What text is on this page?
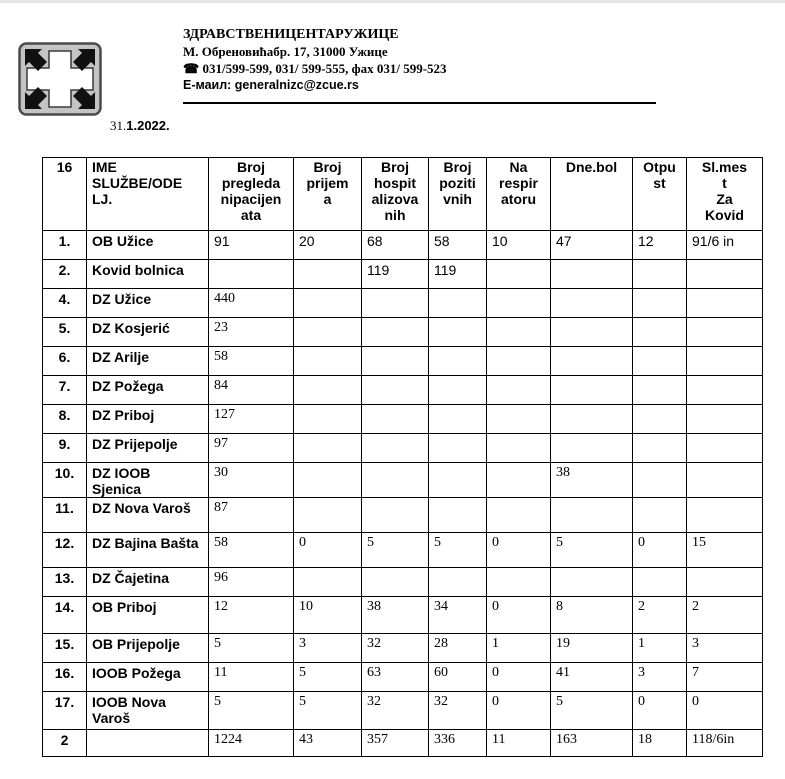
ЗДРАВСТВЕНИЦЕНТАРУЖИЦЕ
М. Обреновићабр. 17, 31000 Ужице
☎ 031/599-599, 031/ 599-555, фах 031/ 599-523
Е-маил: generalnizc@zcue.rs
31.1.2022.
16	IME
SLUŽBE/ODE
LJ.	Broj
pregleda
nipacijen
ata	Broj
prijem
a	Broj
hospit
alizova
nih	Broj
poziti
vnih	Na
respir
atoru	Dne.bol	Otpu
st	Sl.mes
t
Za
Kovid
1.	OB Užice	91	20	68	58	10	47	12	91/6 in
2.	Kovid bolnica			119	119				
4.	DZ Užice	440							
5.	DZ Kosjerić	23							
6.	DZ Arilje	58							
7.	DZ Požega	84							
8.	DZ Priboj	127							
9.	DZ Prijepolje	97							
10.	DZ IOOB Sjenica	30					38		
11.	DZ Nova Varoš	87							
12.	DZ Bajina Bašta	58	0	5	5	0	5	0	15
13.	DZ Čajetina	96							
14.	OB Priboj	12	10	38	34	0	8	2	2
15.	OB Prijepolje	5	3	32	28	1	19	1	3
16.	IOOB Požega	11	5	63	60	0	41	3	7
17.	IOOB Nova Varoš	5	5	32	32	0	5	0	0
2		1224	43	357	336	11	163	18	118/6in
